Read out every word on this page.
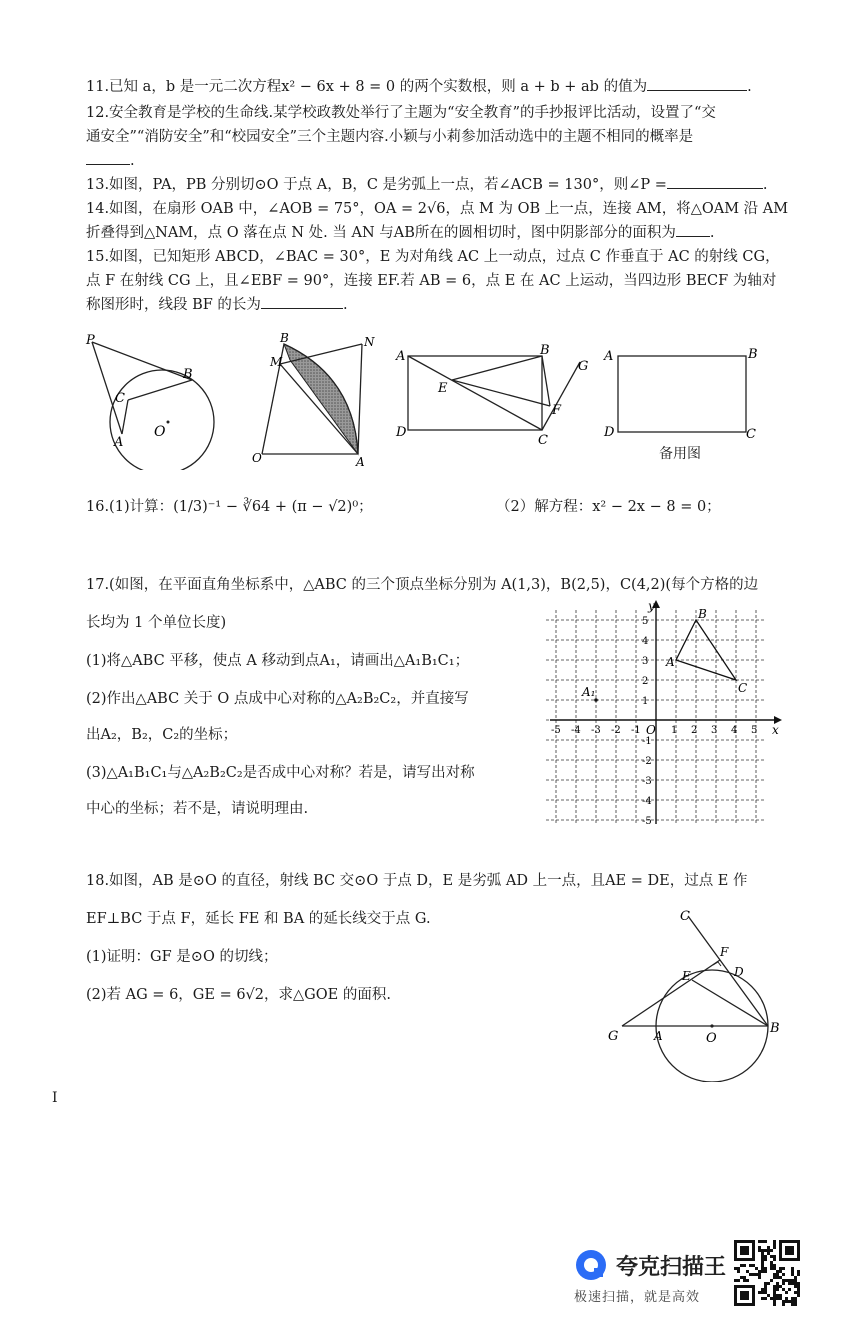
11.已知 a，b 是一元二次方程x² − 6x + 8 = 0 的两个实数根，则 a + b + ab 的值为	.
12.安全教育是学校的生命线.某学校政教处举行了主题为“安全教育”的手抄报评比活动，设置了“交
通安全”“消防安全”和“校园安全”三个主题内容.小颖与小莉参加活动选中的主题不相同的概率是
.
13.如图，PA，PB 分别切⊙O 于点 A，B，C 是劣弧上一点，若∠ACB = 130°，则∠P =	.
14.如图，在扇形 OAB 中，∠AOB = 75°，OA = 2√6，点 M 为 OB 上一点，连接 AM，将△OAM 沿 AM
折叠得到△NAM，点 O 落在点 N 处. 当 AN 与AB所在的圆相切时，图中阴影部分的面积为 .
15.如图，已知矩形 ABCD，∠BAC = 30°，E 为对角线 AC 上一动点，过点 C 作垂直于 AC 的射线 CG，
点 F 在射线 CG 上，且∠EBF = 90°，连接 EF.若 AB = 6，点 E 在 AC 上运动，当四边形 BECF 为轴对
称图形时，线段 BF 的长为	.
P
B
C
A
O
B	N
M
O	A
A	B
G
E
F
D
C
A	B
D	C
备用图
16.(1)计算：(1/3)⁻¹ − ∛64 + (π − √2)⁰；	（2）解方程：x² − 2x − 8 = 0；
17.(如图，在平面直角坐标系中，△ABC 的三个顶点坐标分别为 A(1,3)，B(2,5)，C(4,2)(每个方格的边
长均为 1 个单位长度)
(1)将△ABC 平移，使点 A 移动到点A₁，请画出△A₁B₁C₁；
(2)作出△ABC 关于 O 点成中心对称的△A₂B₂C₂，并直接写
出A₂，B₂，C₂的坐标；
(3)△A₁B₁C₁与△A₂B₂C₂是否成中心对称？若是，请写出对称
中心的坐标；若不是，请说明理由.
-5 -4 -3 -2 -1	1 2 3 4 5
5
4
3
2
1
-1
-2
-3
-4
-5
x
y
O
A
B
C
A₁
18.如图，AB 是⊙O 的直径，射线 BC 交⊙O 于点 D，E 是劣弧 AD 上一点，且AE = DE，过点 E 作
EF⊥BC 于点 F，延长 FE 和 BA 的延长线交于点 G.
(1)证明：GF 是⊙O 的切线；
(2)若 AG = 6，GE = 6√2，求△GOE 的面积.
C
F
E	D
G	A	O
B
I
夸克扫描王
极速扫描，就是高效
